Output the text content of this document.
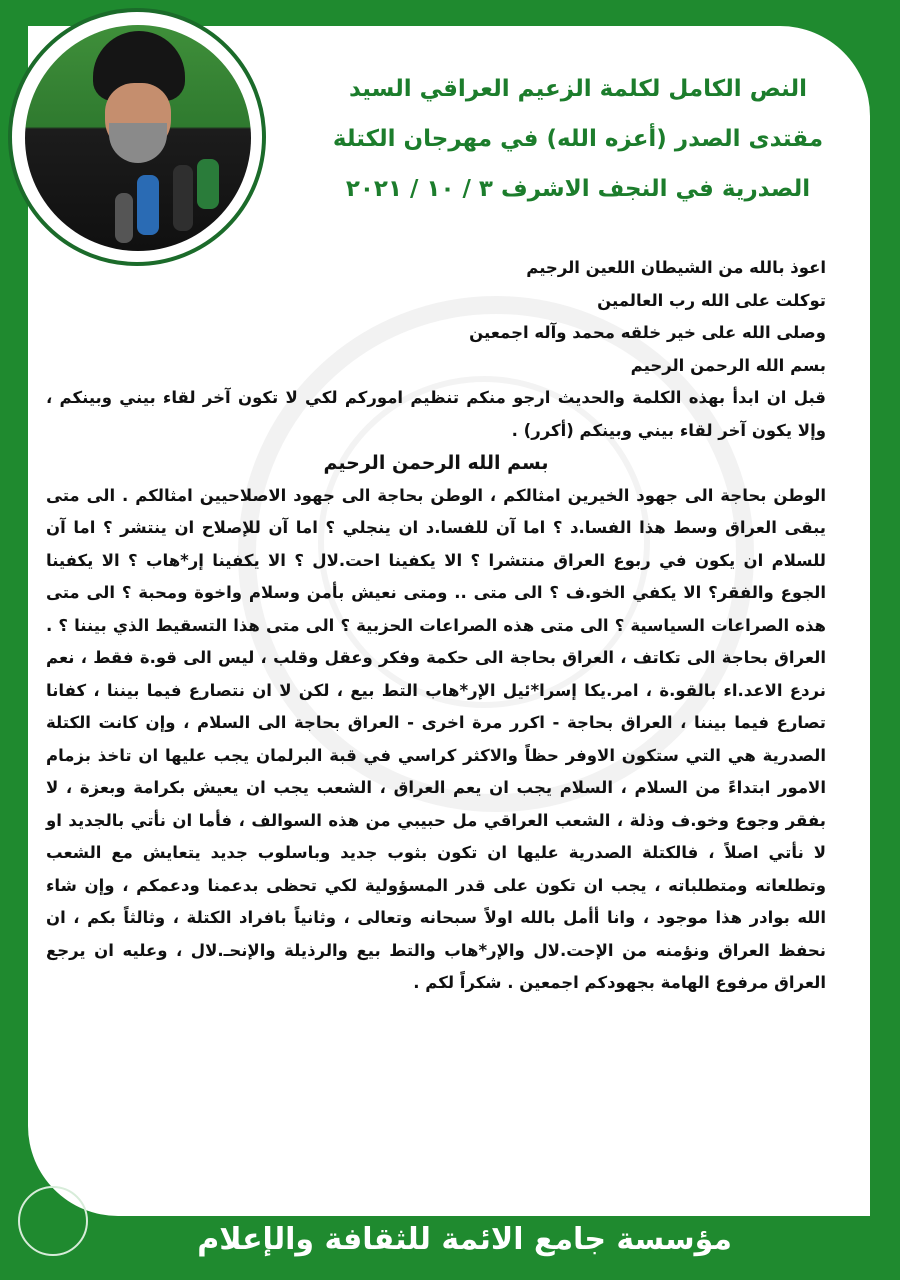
النص الكامل لكلمة الزعيم العراقي السيد
مقتدى الصدر (أعزه الله) في مهرجان الكتلة
الصدرية في النجف الاشرف ٣ / ١٠ / ٢٠٢١

اعوذ بالله من الشيطان اللعين الرجيم

توكلت على الله رب العالمين

وصلى الله على خير خلقه محمد وآله اجمعين

بسم الله الرحمن الرحيم

قبل ان ابدأ بهذه الكلمة والحديث ارجو منكم تنظيم اموركم لكي لا تكون آخر لقاء بيني وبينكم ، وإلا يكون آخر لقاء بيني وبينكم (أكرر) .

بسم الله الرحمن الرحيم

الوطن بحاجة الى جهود الخيرين امثالكم ، الوطن بحاجة الى جهود الاصلاحيين امثالكم . الى متى يبقى العراق وسط هذا الفسا.د ؟ اما آن للفسا.د ان ينجلي ؟ اما آن للإصلاح ان ينتشر ؟ اما آن للسلام ان يكون في ربوع العراق منتشرا ؟ الا يكفينا احت.لال ؟ الا يكفينا إر*هاب ؟ الا يكفينا الجوع والفقر؟ الا يكفي الخو.ف ؟ الى متى .. ومتى نعيش بأمن وسلام واخوة ومحبة ؟ الى متى هذه الصراعات السياسية ؟ الى متى هذه الصراعات الحزبية ؟ الى متى هذا التسقيط الذي بيننا ؟ . العراق بحاجة الى تكاتف ، العراق بحاجة الى حكمة وفكر وعقل وقلب ، ليس الى قو.ة فقط ، نعم نردع الاعد.اء بالقو.ة ، امر.يكا إسرا*ئيل الإر*هاب التط بيع ، لكن لا ان نتصارع فيما بيننا ، كفانا تصارع فيما بيننا ، العراق بحاجة - اكرر مرة اخرى - العراق بحاجة الى السلام ، وإن كانت الكتلة الصدرية هي التي ستكون الاوفر حظاً والاكثر كراسي في قبة البرلمان يجب عليها ان تاخذ بزمام الامور ابتداءً من السلام ، السلام يجب ان يعم العراق ، الشعب يجب ان يعيش بكرامة وبعزة ، لا بفقر وجوع وخو.ف وذلة ، الشعب العراقي مل حبيبي من هذه السوالف ، فأما ان نأتي بالجديد او لا نأتي اصلاً ، فالكتلة الصدرية عليها ان تكون بثوب جديد وباسلوب جديد يتعايش مع الشعب وتطلعاته ومتطلباته ، يجب ان تكون على قدر المسؤولية لكي تحظى بدعمنا ودعمكم ، وإن شاء الله بوادر هذا موجود ، وانا أأمل بالله اولاً سبحانه وتعالى ، وثانياً بافراد الكتلة ، وثالثاً بكم ، ان نحفظ العراق ونؤمنه من الإحت.لال والإر*هاب والتط بيع والرذيلة والإنحـ.لال ، وعليه ان يرجع العراق مرفوع الهامة بجهودكم اجمعين . شكراً لكم .

مؤسسة جامع الائمة للثقافة والإعلام
